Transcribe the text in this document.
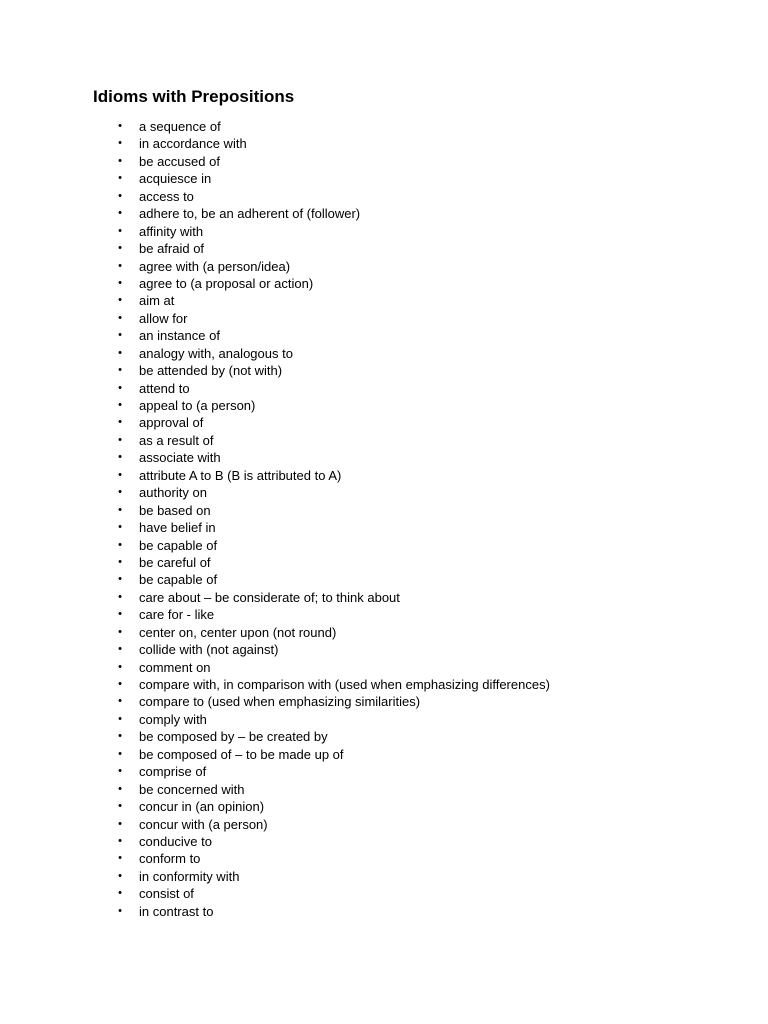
Idioms with Prepositions
• a sequence of
• in accordance with
• be accused of
• acquiesce in
• access to
• adhere to, be an adherent of (follower)
• affinity with
• be afraid of
• agree with (a person/idea)
• agree to (a proposal or action)
• aim at
• allow for
• an instance of
• analogy with, analogous to
• be attended by (not with)
• attend to
• appeal to (a person)
• approval of
• as a result of
• associate with
• attribute A to B (B is attributed to A)
• authority on
• be based on
• have belief in
• be capable of
• be careful of
• be capable of
• care about – be considerate of; to think about
• care for - like
• center on, center upon (not round)
• collide with (not against)
• comment on
• compare with, in comparison with (used when emphasizing differences)
• compare to (used when emphasizing similarities)
• comply with
• be composed by – be created by
• be composed of – to be made up of
• comprise of
• be concerned with
• concur in (an opinion)
• concur with (a person)
• conducive to
• conform to
• in conformity with
• consist of
• in contrast to
